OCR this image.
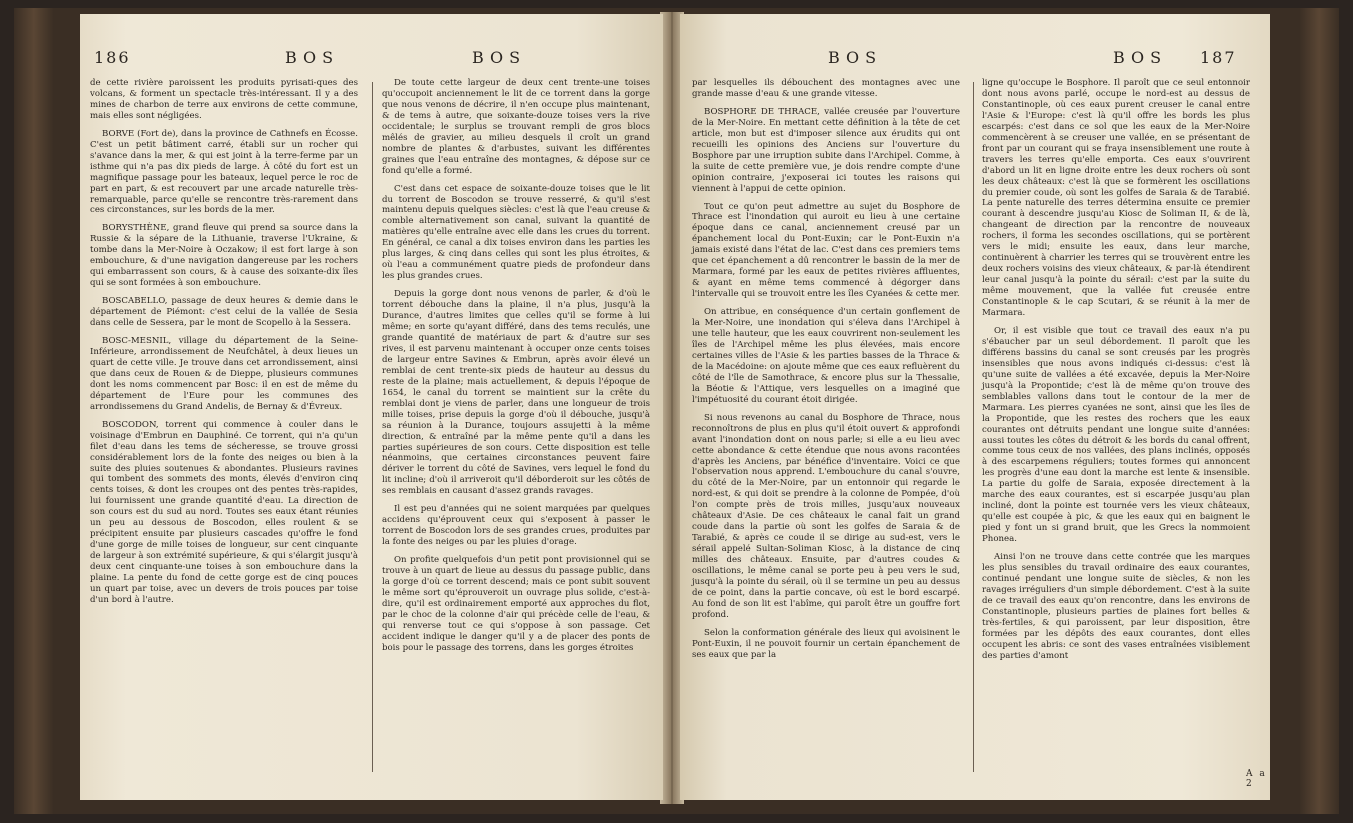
186	BOS	BOS

de cette rivière paroissent les produits pyrisati-ques des volcans, & forment un spectacle très-intéressant. Il y a des mines de charbon de terre aux environs de cette commune, mais elles sont négligées.

BORVE (Fort de), dans la province de Cathnefs en Écosse. C'est un petit bâtiment carré, établi sur un rocher qui s'avance dans la mer, & qui est joint à la terre-ferme par un isthme qui n'a pas dix pieds de large. À côté du fort est un magnifique passage pour les bateaux, lequel perce le roc de part en part, & est recouvert par une arcade naturelle très-remarquable, parce qu'elle se rencontre très-rarement dans ces circonstances, sur les bords de la mer.

BORYSTHÈNE, grand fleuve qui prend sa source dans la Russie & la sépare de la Lithuanie, traverse l'Ukraine, & tombe dans la Mer-Noire à Oczakow; il est fort large à son embouchure, & d'une navigation dangereuse par les rochers qui embarrassent son cours, & à cause des soixante-dix îles qui se sont formées à son embouchure.

BOSCABELLO, passage de deux heures & demie dans le département de Piémont: c'est celui de la vallée de Sesia dans celle de Sessera, par le mont de Scopello à la Sessera.

BOSC-MESNIL, village du département de la Seine-Inférieure, arrondissement de Neufchâtel, à deux lieues un quart de cette ville. Je trouve dans cet arrondissement, ainsi que dans ceux de Rouen & de Dieppe, plusieurs communes dont les noms commencent par Bosc: il en est de même du département de l'Eure pour les communes des arrondissemens du Grand Andelis, de Bernay & d'Évreux.

BOSCODON, torrent qui commence à couler dans le voisinage d'Embrun en Dauphiné. Ce torrent, qui n'a qu'un filet d'eau dans les tems de sécheresse, se trouve grossi considérablement lors de la fonte des neiges ou bien à la suite des pluies soutenues & abondantes. Plusieurs ravines qui tombent des sommets des monts, élevés d'environ cinq cents toises, & dont les croupes ont des pentes très-rapides, lui fournissent une grande quantité d'eau. La direction de son cours est du sud au nord. Toutes ses eaux étant réunies un peu au dessous de Boscodon, elles roulent & se précipitent ensuite par plusieurs cascades qu'offre le fond d'une gorge de mille toises de longueur, sur cent cinquante de largeur à son extrémité supérieure, & qui s'élargit jusqu'à deux cent cinquante-une toises à son embouchure dans la plaine. La pente du fond de cette gorge est de cinq pouces un quart par toise, avec un devers de trois pouces par toise d'un bord à l'autre.

De toute cette largeur de deux cent trente-une toises qu'occupoit anciennement le lit de ce torrent dans la gorge que nous venons de décrire, il n'en occupe plus maintenant, & de tems à autre, que soixante-douze toises vers la rive occidentale; le surplus se trouvant rempli de gros blocs mêlés de gravier, au milieu desquels il croît un grand nombre de plantes & d'arbustes, suivant les différentes graines que l'eau entraîne des montagnes, & dépose sur ce fond qu'elle a formé.

C'est dans cet espace de soixante-douze toises que le lit du torrent de Boscodon se trouve resserré, & qu'il s'est maintenu depuis quelques siècles: c'est là que l'eau creuse & comble alternativement son canal, suivant la quantité de matières qu'elle entraîne avec elle dans les crues du torrent. En général, ce canal a dix toises environ dans les parties les plus larges, & cinq dans celles qui sont les plus étroites, & où l'eau a communément quatre pieds de profondeur dans les plus grandes crues.

Depuis la gorge dont nous venons de parler, & d'où le torrent débouche dans la plaine, il n'a plus, jusqu'à la Durance, d'autres limites que celles qu'il se forme à lui même; en sorte qu'ayant différé, dans des tems reculés, une grande quantité de matériaux de part & d'autre sur ses rives, il est parvenu maintenant à occuper onze cents toises de largeur entre Savines & Embrun, après avoir élevé un remblai de cent trente-six pieds de hauteur au dessus du reste de la plaine; mais actuellement, & depuis l'époque de 1654, le canal du torrent se maintient sur la crête du remblai dont je viens de parler, dans une longueur de trois mille toises, prise depuis la gorge d'où il débouche, jusqu'à sa réunion à la Durance, toujours assujetti à la même direction, & entraîné par la même pente qu'il a dans les parties supérieures de son cours. Cette disposition est telle néanmoins, que certaines circonstances peuvent faire dériver le torrent du côté de Savines, vers lequel le fond du lit incline; d'où il arriveroit qu'il déborderoit sur les côtés de ses remblais en causant d'assez grands ravages.

Il est peu d'années qui ne soient marquées par quelques accidens qu'éprouvent ceux qui s'exposent à passer le torrent de Boscodon lors de ses grandes crues, produites par la fonte des neiges ou par les pluies d'orage.

On profite quelquefois d'un petit pont provisionnel qui se trouve à un quart de lieue au dessus du passage public, dans la gorge d'où ce torrent descend; mais ce pont subit souvent le même sort qu'éprouveroit un ouvrage plus solide, c'est-à-dire, qu'il est ordinairement emporté aux approches du flot, par le choc de la colonne d'air qui précède celle de l'eau, & qui renverse tout ce qui s'oppose à son passage. Cet accident indique le danger qu'il y a de placer des ponts de bois pour le passage des torrens, dans les gorges étroites

BOS	BOS 187

par lesquelles ils débouchent des montagnes avec une grande masse d'eau & une grande vitesse.

BOSPHORE DE THRACE, vallée creusée par l'ouverture de la Mer-Noire. En mettant cette définition à la tête de cet article, mon but est d'imposer silence aux érudits qui ont recueilli les opinions des Anciens sur l'ouverture du Bosphore par une irruption subite dans l'Archipel. Comme, à la suite de cette première vue, je dois rendre compte d'une opinion contraire, j'exposerai ici toutes les raisons qui viennent à l'appui de cette opinion.

Tout ce qu'on peut admettre au sujet du Bosphore de Thrace est l'inondation qui auroit eu lieu à une certaine époque dans ce canal, anciennement creusé par un épanchement local du Pont-Euxin; car le Pont-Euxin n'a jamais existé dans l'état de lac. C'est dans ces premiers tems que cet épanchement a dû rencontrer le bassin de la mer de Marmara, formé par les eaux de petites rivières affluentes, & ayant en même tems commencé à dégorger dans l'intervalle qui se trouvoit entre les îles Cyanées & cette mer.

On attribue, en conséquence d'un certain gonflement de la Mer-Noire, une inondation qui s'éleva dans l'Archipel à une telle hauteur, que les eaux couvrirent non-seulement les îles de l'Archipel même les plus élevées, mais encore certaines villes de l'Asie & les parties basses de la Thrace & de la Macédoine: on ajoute même que ces eaux refluèrent du côté de l'île de Samothrace, & encore plus sur la Thessalie, la Béotie & l'Attique, vers lesquelles on a imaginé que l'impétuosité du courant étoit dirigée.

Si nous revenons au canal du Bosphore de Thrace, nous reconnoîtrons de plus en plus qu'il étoit ouvert & approfondi avant l'inondation dont on nous parle; si elle a eu lieu avec cette abondance & cette étendue que nous avons racontées d'après les Anciens, par bénéfice d'inventaire. Voici ce que l'observation nous apprend. L'embouchure du canal s'ouvre, du côté de la Mer-Noire, par un entonnoir qui regarde le nord-est, & qui doit se prendre à la colonne de Pompée, d'où l'on compte près de trois milles, jusqu'aux nouveaux châteaux d'Asie. De ces châteaux le canal fait un grand coude dans la partie où sont les golfes de Saraia & de Tarabié, & après ce coude il se dirige au sud-est, vers le sérail appelé Sultan-Soliman Kiosc, à la distance de cinq milles des châteaux. Ensuite, par d'autres coudes & oscillations, le même canal se porte peu à peu vers le sud, jusqu'à la pointe du sérail, où il se termine un peu au dessus de ce point, dans la partie concave, où est le bord escarpé. Au fond de son lit est l'abîme, qui paroît être un gouffre fort profond.

Selon la conformation générale des lieux qui avoisinent le Pont-Euxin, il ne pouvoit fournir un certain épanchement de ses eaux que par la

ligne qu'occupe le Bosphore. Il paroît que ce seul entonnoir dont nous avons parlé, occupe le nord-est au dessus de Constantinople, où ces eaux purent creuser le canal entre l'Asie & l'Europe: c'est là qu'il offre les bords les plus escarpés: c'est dans ce sol que les eaux de la Mer-Noire commencèrent à se creuser une vallée, en se présentant de front par un courant qui se fraya insensiblement une route à travers les terres qu'elle emporta. Ces eaux s'ouvrirent d'abord un lit en ligne droite entre les deux rochers où sont les deux châteaux: c'est là que se formèrent les oscillations du premier coude, où sont les golfes de Saraia & de Tarabié. La pente naturelle des terres détermina ensuite ce premier courant à descendre jusqu'au Kiosc de Soliman II, & de là, changeant de direction par la rencontre de nouveaux rochers, il forma les secondes oscillations, qui se portèrent vers le midi; ensuite les eaux, dans leur marche, continuèrent à charrier les terres qui se trouvèrent entre les deux rochers voisins des vieux châteaux, & par-là étendirent leur canal jusqu'à la pointe du sérail: c'est par la suite du même mouvement, que la vallée fut creusée entre Constantinople & le cap Scutari, & se réunit à la mer de Marmara.

Or, il est visible que tout ce travail des eaux n'a pu s'ébaucher par un seul débordement. Il paroît que les différens bassins du canal se sont creusés par les progrès insensibles que nous avons indiqués ci-dessus: c'est là qu'une suite de vallées a été excavée, depuis la Mer-Noire jusqu'à la Propontide; c'est là de même qu'on trouve des semblables vallons dans tout le contour de la mer de Marmara. Les pierres cyanées ne sont, ainsi que les îles de la Propontide, que les restes des rochers que les eaux courantes ont détruits pendant une longue suite d'années: aussi toutes les côtes du détroit & les bords du canal offrent, comme tous ceux de nos vallées, des plans inclinés, opposés à des escarpemens réguliers; toutes formes qui annoncent les progrès d'une eau dont la marche est lente & insensible. La partie du golfe de Saraia, exposée directement à la marche des eaux courantes, est si escarpée jusqu'au plan incliné, dont la pointe est tournée vers les vieux châteaux, qu'elle est coupée à pic, & que les eaux qui en baignent le pied y font un si grand bruit, que les Grecs la nommoient Phonea.

Ainsi l'on ne trouve dans cette contrée que les marques les plus sensibles du travail ordinaire des eaux courantes, continué pendant une longue suite de siècles, & non les ravages irréguliers d'un simple débordement. C'est à la suite de ce travail des eaux qu'on rencontre, dans les environs de Constantinople, plusieurs parties de plaines fort belles & très-fertiles, & qui paroissent, par leur disposition, être formées par les dépôts des eaux courantes, dont elles occupent les abris: ce sont des vases entraînées visiblement des parties d'amont

A a 2
